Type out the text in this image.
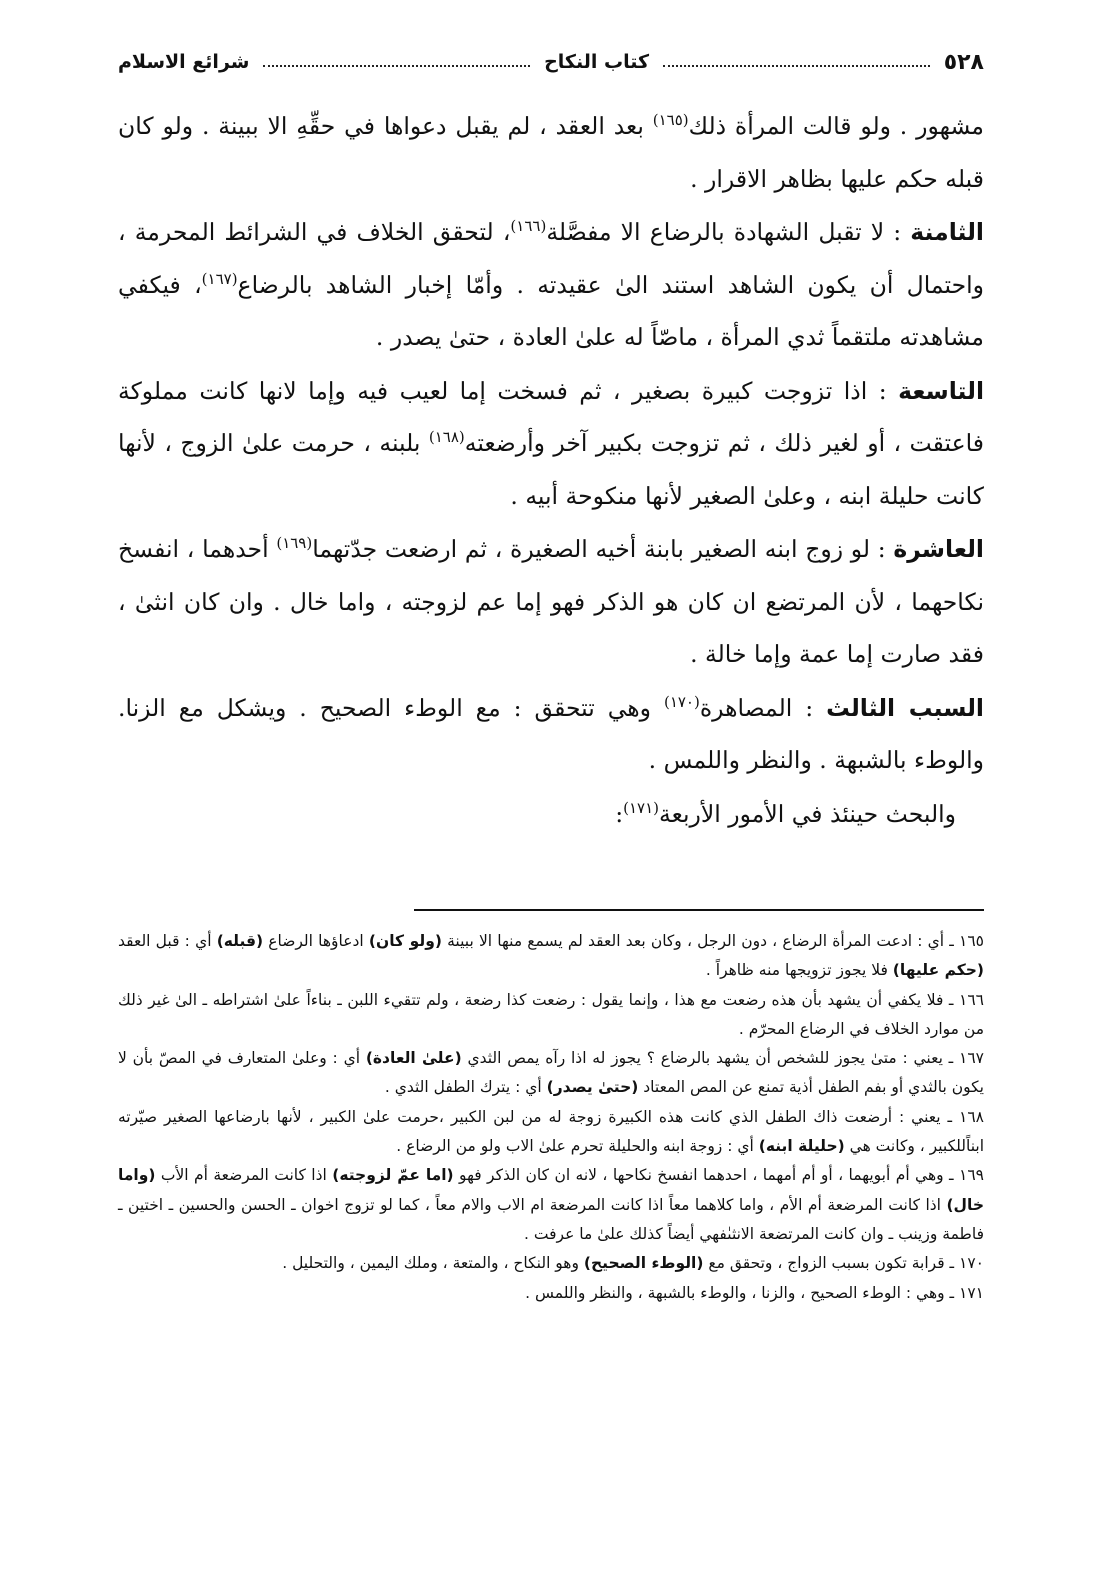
٥٢٨
كتاب النكاح
شرائع الاسلام

مشهور . ولو قالت المرأة ذلك$^{(١٦٥)}$ بعد العقد ، لم يقبل دعواها في حقِّهِ الا ببينة . ولو كان قبله حكم عليها بظاهر الاقرار .

الثامنة : لا تقبل الشهادة بالرضاع الا مفصَّلة$^{(١٦٦)}$، لتحقق الخلاف في الشرائط المحرمة ، واحتمال أن يكون الشاهد استند الىٰ عقيدته . وأمّا إخبار الشاهد بالرضاع$^{(١٦٧)}$، فيكفي مشاهدته ملتقماً ثدي المرأة ، ماصّاً له علىٰ العادة ، حتىٰ يصدر .

التاسعة : اذا تزوجت كبيرة بصغير ، ثم فسخت إما لعيب فيه وإما لانها كانت مملوكة فاعتقت ، أو لغير ذلك ، ثم تزوجت بكبير آخر وأرضعته$^{(١٦٨)}$ بلبنه ، حرمت علىٰ الزوج ، لأنها كانت حليلة ابنه ، وعلىٰ الصغير لأنها منكوحة أبيه .

العاشرة : لو زوج ابنه الصغير بابنة أخيه الصغيرة ، ثم ارضعت جدّتهما$^{(١٦٩)}$ أحدهما ، انفسخ نكاحهما ، لأن المرتضع ان كان هو الذكر فهو إما عم لزوجته ، واما خال . وان كان انثىٰ ، فقد صارت إما عمة وإما خالة .

السبب الثالث : المصاهرة$^{(١٧٠)}$ وهي تتحقق : مع الوطء الصحيح . ويشكل مع الزنا. والوطء بالشبهة . والنظر واللمس .

والبحث حينئذ في الأمور الأربعة$^{(١٧١)}$:

١٦٥ ـ أي : ادعت المرأة الرضاع ، دون الرجل ، وكان بعد العقد لم يسمع منها الا ببينة (ولو كان) ادعاؤها الرضاع (قبله) أي : قبل العقد (حكم عليها) فلا يجوز تزويجها منه ظاهراً .

١٦٦ ـ فلا يكفي أن يشهد بأن هذه رضعت مع هذا ، وإنما يقول : رضعت كذا رضعة ، ولم تتقيء اللبن ـ بناءاً علىٰ اشتراطه ـ الىٰ غير ذلك من موارد الخلاف في الرضاع المحرّم .

١٦٧ ـ يعني : متىٰ يجوز للشخص أن يشهد بالرضاع ؟ يجوز له اذا رآه يمص الثدي (علىٰ العادة) أي : وعلىٰ المتعارف في المصّ بأن لا يكون بالثدي أو بفم الطفل أذية تمنع عن المص المعتاد (حتىٰ يصدر) أي : يترك الطفل الثدي .

١٦٨ ـ يعني : أرضعت ذاك الطفل الذي كانت هذه الكبيرة زوجة له من لبن الكبير ،حرمت علىٰ الكبير ، لأنها بارضاعها الصغير صيّرته ابناًللكبير ، وكانت هي (حليلة ابنه) أي : زوجة ابنه والحليلة تحرم علىٰ الاب ولو من الرضاع .

١٦٩ ـ وهي أم أبويهما ، أو أم أمهما ، احدهما انفسخ نكاحها ، لانه ان كان الذكر فهو (اما عمّ لزوجته) اذا كانت المرضعة أم الأب (واما خال) اذا كانت المرضعة أم الأم ، واما كلاهما معاً اذا كانت المرضعة ام الاب والام معاً ، كما لو تزوج اخوان ـ الحسن والحسين ـ اختين ـ فاطمة وزينب ـ وان كانت المرتضعة الانثىٰفهي أيضاً كذلك علىٰ ما عرفت .

١٧٠ ـ قرابة تكون بسبب الزواج ، وتحقق مع (الوطء الصحيح) وهو النكاح ، والمتعة ، وملك اليمين ، والتحليل .

١٧١ ـ وهي : الوطء الصحيح ، والزنا ، والوطء بالشبهة ، والنظر واللمس .
